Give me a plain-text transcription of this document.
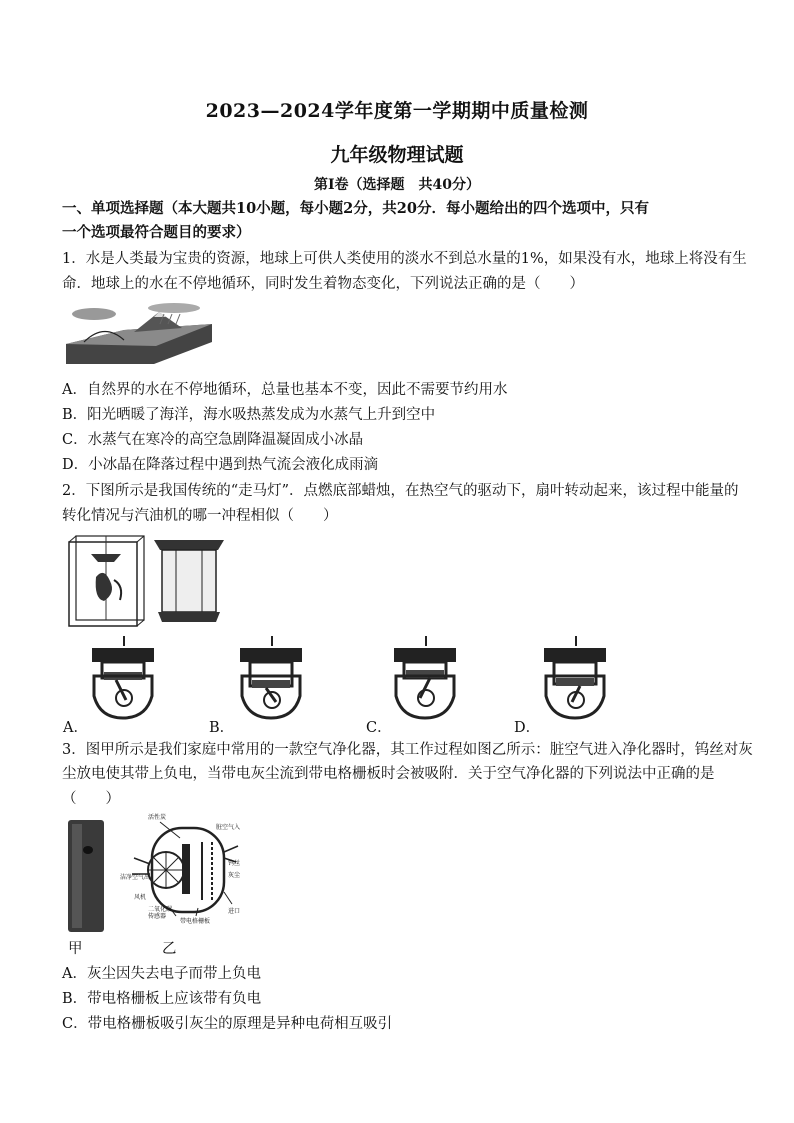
2023—2024学年度第一学期期中质量检测
九年级物理试题
第Ⅰ卷（选择题　共40分）
一、单项选择题（本大题共10小题，每小题2分，共20分．每小题给出的四个选项中，只有
一个选项最符合题目的要求）
1．水是人类最为宝贵的资源，地球上可供人类使用的淡水不到总水量的1%，如果没有水，地球上将没有生
命．地球上的水在不停地循环，同时发生着物态变化，下列说法正确的是（　　）
A．自然界的水在不停地循环，总量也基本不变，因此不需要节约用水
B．阳光晒暖了海洋，海水吸热蒸发成为水蒸气上升到空中
C．水蒸气在寒冷的高空急剧降温凝固成小冰晶
D．小冰晶在降落过程中遇到热气流会液化成雨滴
2．下图所示是我国传统的“走马灯”．点燃底部蜡烛，在热空气的驱动下，扇叶转动起来，该过程中能量的
转化情况与汽油机的哪一冲程相似（　　）
A．	B．	C．	D．
3．图甲所示是我们家庭中常用的一款空气净化器，其工作过程如图乙所示：脏空气进入净化器时，钨丝对灰
尘放电使其带上负电，当带电灰尘流到带电格栅板时会被吸附．关于空气净化器的下列说法中正确的是
（　　）
活性炭
脏空气入
洁净空气出
风机
二氧化碳
传感器
带电格栅板
钨丝
灰尘
进口
甲	乙
A．灰尘因失去电子而带上负电
B．带电格栅板上应该带有负电
C．带电格栅板吸引灰尘的原理是异种电荷相互吸引
